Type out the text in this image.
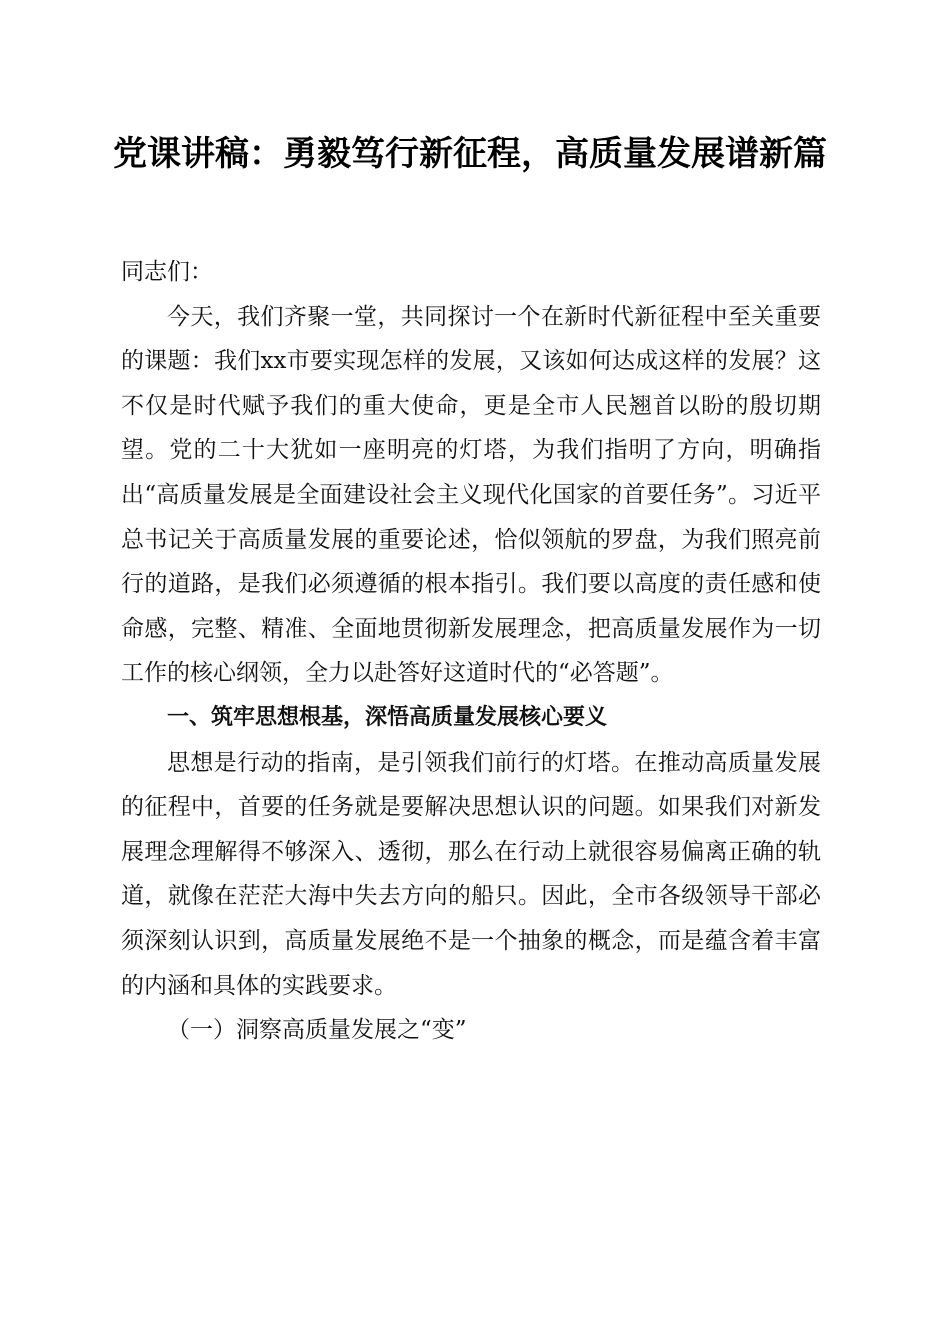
党课讲稿：勇毅笃行新征程，高质量发展谱新篇

同志们：

今天，我们齐聚一堂，共同探讨一个在新时代新征程中至关重要的课题：我们xx市要实现怎样的发展，又该如何达成这样的发展？这不仅是时代赋予我们的重大使命，更是全市人民翘首以盼的殷切期望。党的二十大犹如一座明亮的灯塔，为我们指明了方向，明确指出“高质量发展是全面建设社会主义现代化国家的首要任务”。习近平总书记关于高质量发展的重要论述，恰似领航的罗盘，为我们照亮前行的道路，是我们必须遵循的根本指引。我们要以高度的责任感和使命感，完整、精准、全面地贯彻新发展理念，把高质量发展作为一切工作的核心纲领，全力以赴答好这道时代的“必答题”。

一、筑牢思想根基，深悟高质量发展核心要义

思想是行动的指南，是引领我们前行的灯塔。在推动高质量发展的征程中，首要的任务就是要解决思想认识的问题。如果我们对新发展理念理解得不够深入、透彻，那么在行动上就很容易偏离正确的轨道，就像在茫茫大海中失去方向的船只。因此，全市各级领导干部必须深刻认识到，高质量发展绝不是一个抽象的概念，而是蕴含着丰富的内涵和具体的实践要求。

（一）洞察高质量发展之“变”
